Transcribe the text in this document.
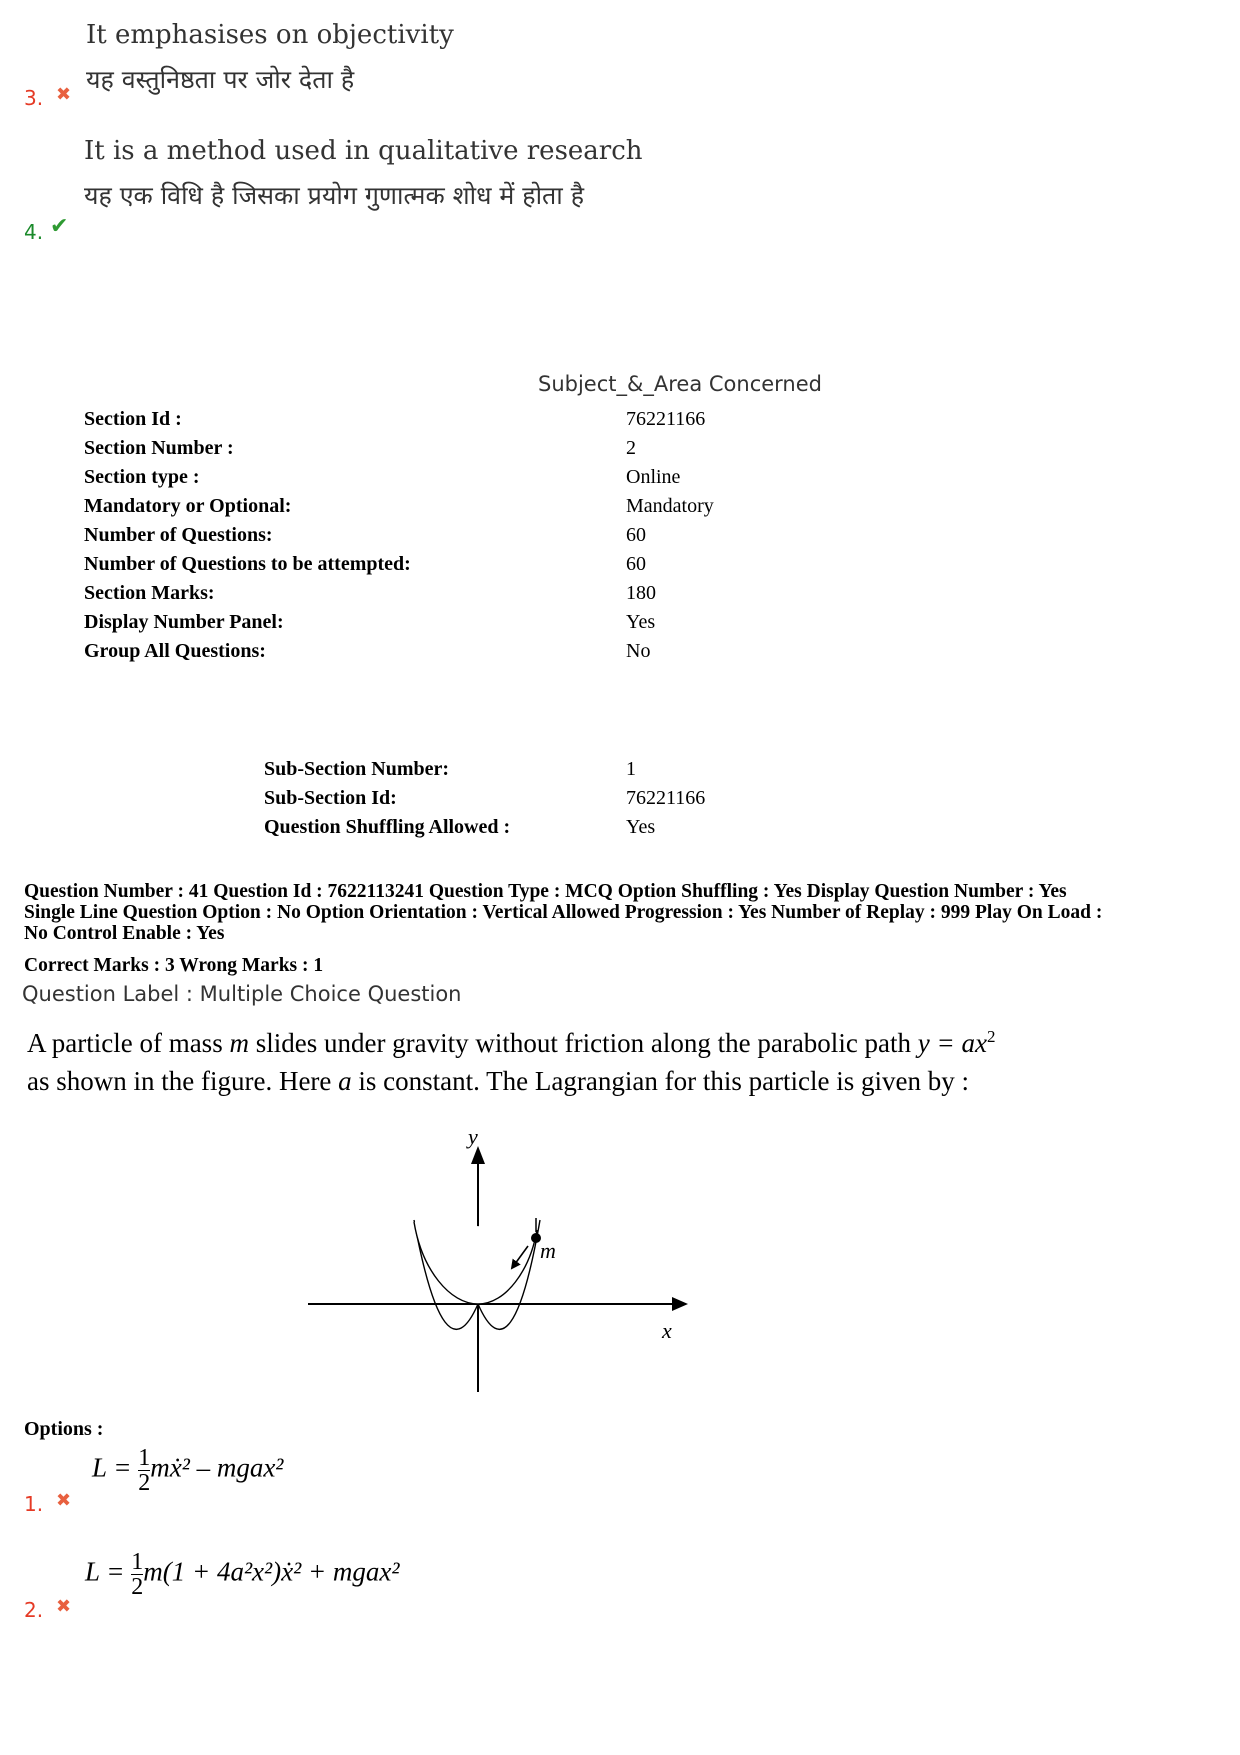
It emphasises on objectivity
यह वस्तुनिष्ठता पर जोर देता है
3. ✖
It is a method used in qualitative research
यह एक विधि है जिसका प्रयोग गुणात्मक शोध में होता है
4. ✔
Subject_&_Area Concerned
Section Id :	76221166
Section Number :	2
Section type :	Online
Mandatory or Optional:	Mandatory
Number of Questions:	60
Number of Questions to be attempted:	60
Section Marks:	180
Display Number Panel:	Yes
Group All Questions:	No
Sub-Section Number:	1
Sub-Section Id:	76221166
Question Shuffling Allowed :	Yes
Question Number : 41 Question Id : 7622113241 Question Type : MCQ Option Shuffling : Yes Display Question Number : Yes
Single Line Question Option : No Option Orientation : Vertical Allowed Progression : Yes Number of Replay : 999 Play On Load :
No Control Enable : Yes
Correct Marks : 3 Wrong Marks : 1
Question Label : Multiple Choice Question
A particle of mass m slides under gravity without friction along the parabolic path $y = ax^2$
as shown in the figure. Here a is constant. The Lagrangian for this particle is given by :
m
y
x
Options :
$L = \frac{1}{2}$ mẋ² – mgax²
1. ✖
$L = \frac{1}{2} m(1$ + 4a²x²)ẋ² + mgax²
2. ✖
